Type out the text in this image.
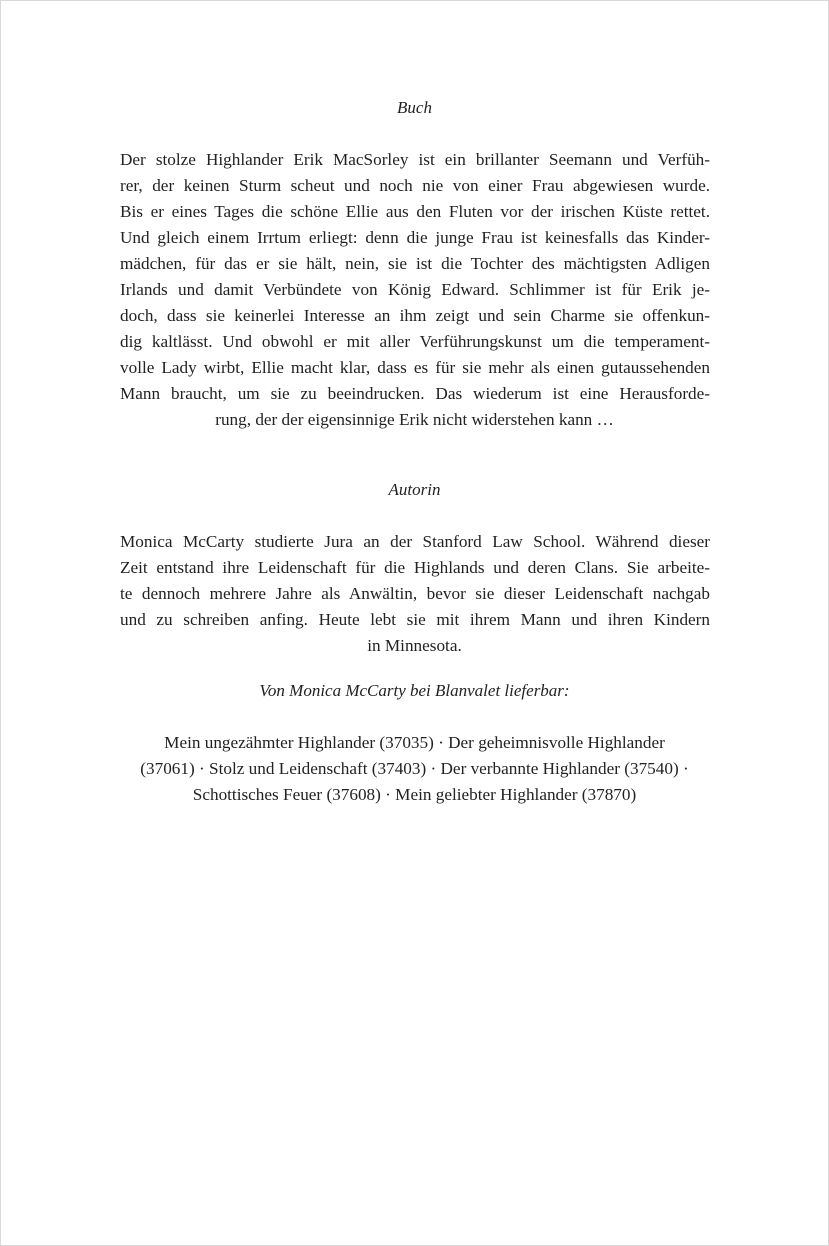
Buch
Der stolze Highlander Erik MacSorley ist ein brillanter Seemann und Verfüh-
rer, der keinen Sturm scheut und noch nie von einer Frau abgewiesen wurde.
Bis er eines Tages die schöne Ellie aus den Fluten vor der irischen Küste rettet.
Und gleich einem Irrtum erliegt: denn die junge Frau ist keinesfalls das Kinder-
mädchen, für das er sie hält, nein, sie ist die Tochter des mächtigsten Adligen
Irlands und damit Verbündete von König Edward. Schlimmer ist für Erik je-
doch, dass sie keinerlei Interesse an ihm zeigt und sein Charme sie offenkun-
dig kaltlässt. Und obwohl er mit aller Verführungskunst um die temperament-
volle Lady wirbt, Ellie macht klar, dass es für sie mehr als einen gutaussehenden
Mann braucht, um sie zu beeindrucken. Das wiederum ist eine Herausforde-
rung, der der eigensinnige Erik nicht widerstehen kann …
Autorin
Monica McCarty studierte Jura an der Stanford Law School. Während dieser
Zeit entstand ihre Leidenschaft für die Highlands und deren Clans. Sie arbeite-
te dennoch mehrere Jahre als Anwältin, bevor sie dieser Leidenschaft nachgab
und zu schreiben anfing. Heute lebt sie mit ihrem Mann und ihren Kindern
in Minnesota.
Von Monica McCarty bei Blanvalet lieferbar:
Mein ungezähmter Highlander (37035) · Der geheimnisvolle Highlander
(37061) · Stolz und Leidenschaft (37403) · Der verbannte Highlander (37540) ·
Schottisches Feuer (37608) · Mein geliebter Highlander (37870)
